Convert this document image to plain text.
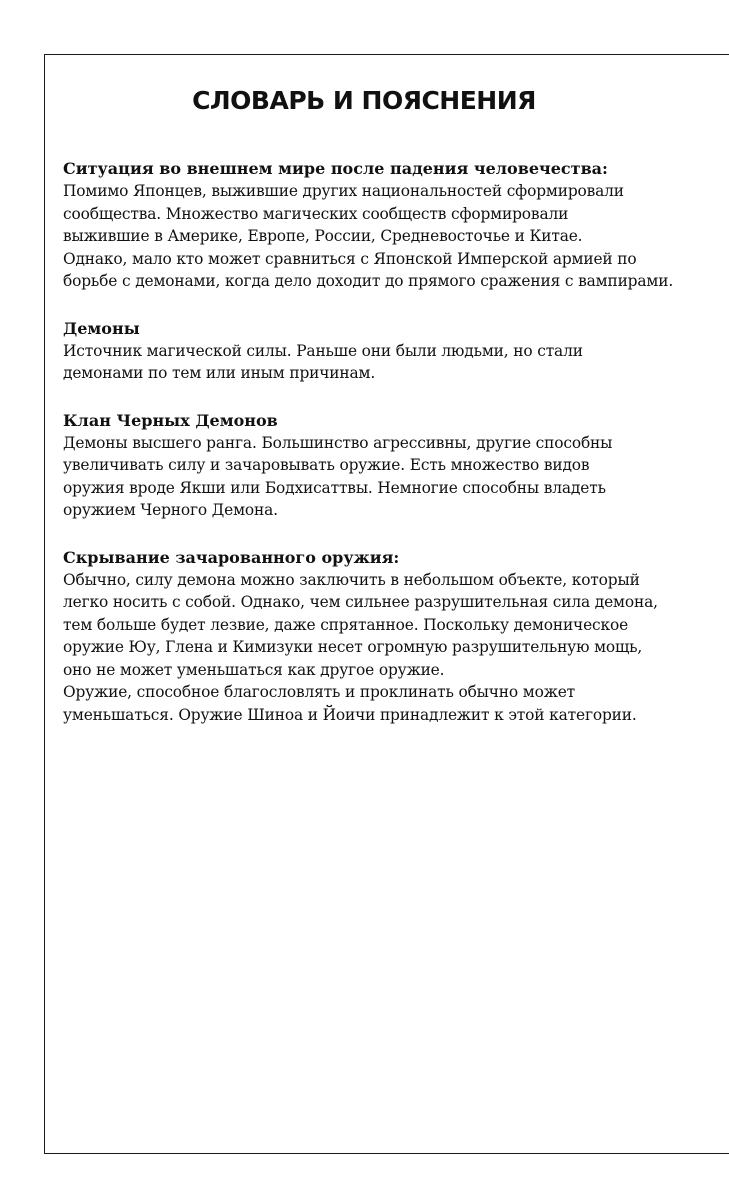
СЛОВАРЬ И ПОЯСНЕНИЯ

Ситуация во внешнем мире после падения человечества:

Помимо Японцев, выжившие других национальностей сформировали

сообщества. Множество магических сообществ сформировали

выжившие в Америке, Европе, России, Средневосточье и Китае.

Однако, мало кто может сравниться с Японской Имперской армией по

борьбе с демонами, когда дело доходит до прямого сражения с вампирами.

Демоны

Источник магической силы. Раньше они были людьми, но стали

демонами по тем или иным причинам.

Клан Черных Демонов

Демоны высшего ранга. Большинство агрессивны, другие способны

увеличивать силу и зачаровывать оружие. Есть множество видов

оружия вроде Якши или Бодхисаттвы. Немногие способны владеть

оружием Черного Демона.

Скрывание зачарованного оружия:

Обычно, силу демона можно заключить в небольшом объекте, который

легко носить с собой. Однако, чем сильнее разрушительная сила демона,

тем больше будет лезвие, даже спрятанное. Поскольку демоническое

оружие Юу, Глена и Кимизуки несет огромную разрушительную мощь,

оно не может уменьшаться как другое оружие.

Оружие, способное благословлять и проклинать обычно может

уменьшаться. Оружие Шиноа и Йоичи принадлежит к этой категории.
